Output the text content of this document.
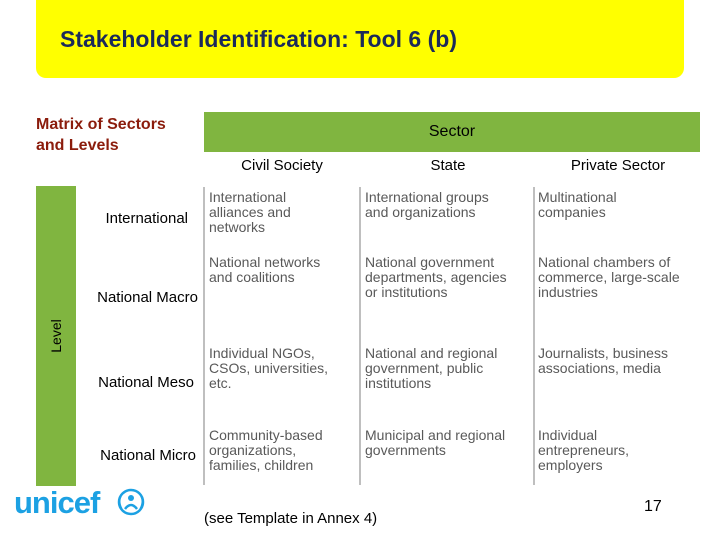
Stakeholder Identification: Tool 6 (b)
Matrix of Sectors
and Levels
Sector
Civil Society	State	Private Sector
Level
International
National Macro
National Meso
National Micro
International
alliances and
networks
International groups
and organizations
Multinational
companies
National networks
and coalitions
National government
departments, agencies
or institutions
National chambers of
commerce, large-scale
industries
Individual NGOs,
CSOs, universities,
etc.
National and regional
government, public
institutions
Journalists, business
associations, media
Community-based
organizations,
families, children
Municipal and regional
governments
Individual
entrepreneurs,
employers
(see Template in Annex 4)
17
unicef
